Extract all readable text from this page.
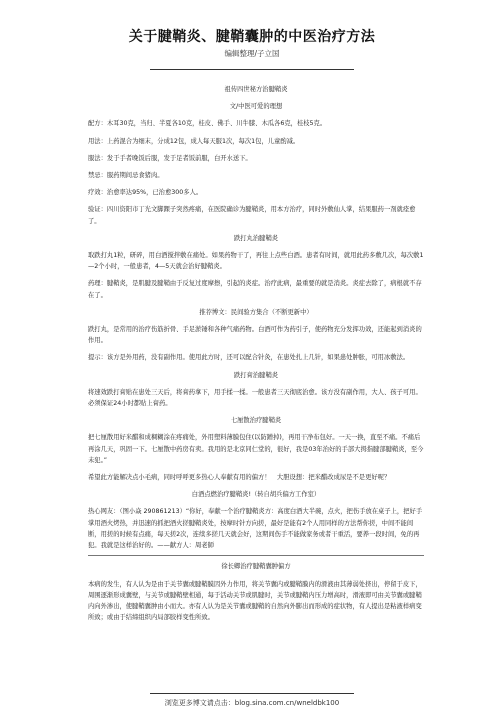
关于腱鞘炎、腱鞘囊肿的中医治疗方法
编辑整理/子立国

祖传四世秘方治腱鞘炎

文/中医可爱的理想

配方：木耳30克，当归、半夏各10克，桂皮、佛手、川牛膝、木瓜各6克，桂枝5克。

用法：上药混合为细末，分成12包，成人每天服1次，每次1包，儿童酌减。

服法：发于手者晚饭后服，发于足者饭前服，白开水送下。

禁忌：服药期间忌食猪肉。

疗效：治愈率达95%，已治愈300多人。

验证：四川资阳市丁光文脚踝子突然疼痛，在医院确诊为腱鞘炎，用本方治疗，同时外敷仙人掌，结果服药一剂就痊愈了。

跌打丸治腱鞘炎

取跌打丸1粒，研碎，用白酒搅拌敷在痛处。如果药物干了，再往上点些白酒。患者有时间，就用此药多敷几次，每次敷1—2个小时，一般患者，4—5天就会治好腱鞘炎。

药理：腱鞘炎，是肌腱及腱鞘由于反复过度摩擦，引起的炎症。治疗此病，最重要的就是消炎。炎症去除了，病根就不存在了。

推荐博文：民间验方集合（不断更新中）

跌打丸，是常用的治疗伤筋折骨、手足淤锤和各种气痛药物。白酒可作为药引子，使药物充分发挥功效，还能起到消炎的作用。

提示：该方是外用药，没有副作用。使用此方时，还可以配合针灸，在患处扎上几针，如果患处肿胀，可用冰敷法。

跌打膏治腱鞘炎

将速效跌打膏贴在患处三天后，将膏药拿下，用手揉一揉。一般患者三天彻底治愈。该方没有副作用，大人、孩子可用。必须保证24小时都贴上膏药。

七厘散治疗腱鞘炎

把七厘散用好米醋和成稠糊涂在疼痛处，外用塑料薄膜包住(以防蹭掉)，再用干净布包好。一天一换，直至不痛。不痛后再涂几天，巩固一下。七厘散中药房有卖。我用的是北京同仁堂的，很好，我是03年治好的手部大拇指腱部腱鞘炎，至今未犯。”

希望此方能解决点小毛病，同时呼呼更多热心人奉献有用的偏方！　大胆设想：把米醋改成尿是不是更好呢？

白酒点燃治疗腱鞘炎!（转自胡兵偏方工作室）

热心网友：（图小焱 290861213）“你好，奉献一个治疗腱鞘炎方：高度白酒大半碗，点火，把伤手放在桌子上，把好手掌用酒火烤热，并迅速的抓把酒火搓腱鞘炎处，按摩时针方向搓，最好是能有2个人用同样的方法帮你搓，中间不能间断，用搓的时候有点痛，每天搓2次，连续多搓几天就会好，这期间伤手不能做家务或者干重活，要养一段时间，免的再犯。我就是这样治好的。——献方人：周老師

徐长卿治疗腱鞘囊肿偏方

本病的发生，有人认为是由于关节囊或腱鞘膜因外力作用，将关节囊内或腱鞘膜内的滑液由其薄弱处挤出，停留于皮下，周围逐渐形成囊壁，与关节或腱鞘壁相通，每于活动关节或肌腱时，关节或腱鞘内压力增高时，滑液即可由关节囊或腱鞘内向外渗出，使腱鞘囊肿由小而大。亦有人认为是关节囊或腱鞘的自然向外膨出而形成的症状物，有人提出是粘液样病变所致；或由于结缔组织内局部胶样变性所致。

浏览更多博文请点击：blog.sina.com.cn/wneldbk100
